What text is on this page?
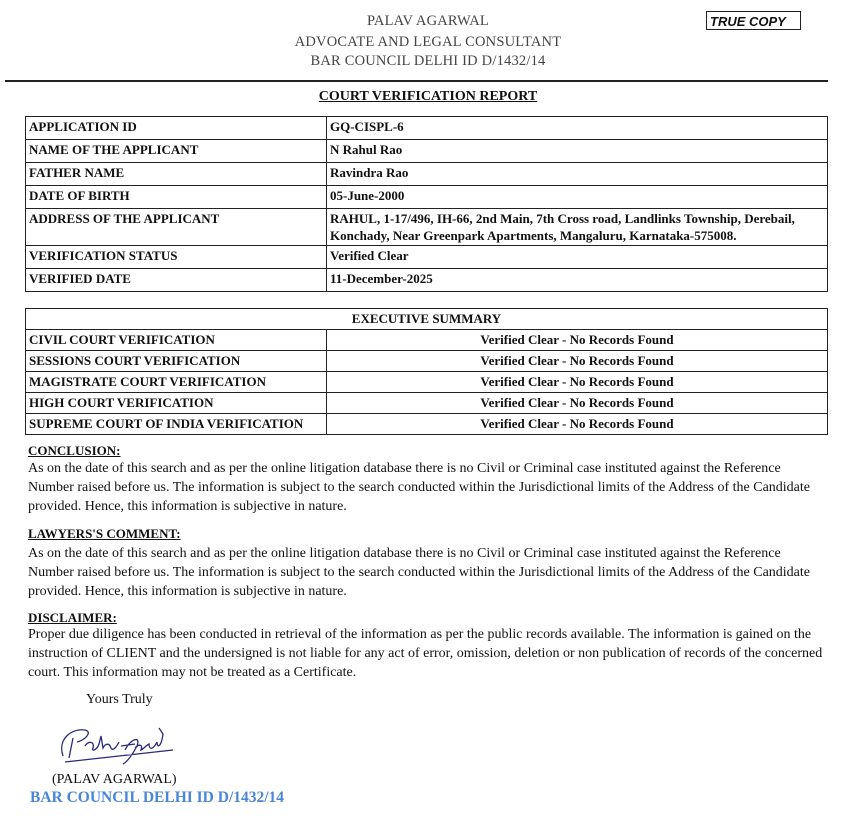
PALAV AGARWAL
ADVOCATE AND LEGAL CONSULTANT
BAR COUNCIL DELHI ID D/1432/14
TRUE COPY
COURT VERIFICATION REPORT
APPLICATION ID	GQ-CISPL-6
NAME OF THE APPLICANT	N Rahul Rao
FATHER NAME	Ravindra Rao
DATE OF BIRTH	05-June-2000
ADDRESS OF THE APPLICANT	RAHUL, 1-17/496, IH-66, 2nd Main, 7th Cross road, Landlinks Township, Derebail, Konchady, Near Greenpark Apartments, Mangaluru, Karnataka-575008.
VERIFICATION STATUS	Verified Clear
VERIFIED DATE	11-December-2025
EXECUTIVE SUMMARY	
CIVIL COURT VERIFICATION	Verified Clear - No Records Found
SESSIONS COURT VERIFICATION	Verified Clear - No Records Found
MAGISTRATE COURT VERIFICATION	Verified Clear - No Records Found
HIGH COURT VERIFICATION	Verified Clear - No Records Found
SUPREME COURT OF INDIA VERIFICATION	Verified Clear - No Records Found
CONCLUSION:
As on the date of this search and as per the online litigation database there is no Civil or Criminal case instituted against the Reference Number raised before us. The information is subject to the search conducted within the Jurisdictional limits of the Address of the Candidate provided. Hence, this information is subjective in nature.
LAWYERS'S COMMENT:
As on the date of this search and as per the online litigation database there is no Civil or Criminal case instituted against the Reference Number raised before us. The information is subject to the search conducted within the Jurisdictional limits of the Address of the Candidate provided. Hence, this information is subjective in nature.
DISCLAIMER:
Proper due diligence has been conducted in retrieval of the information as per the public records available. The information is gained on the instruction of CLIENT and the undersigned is not liable for any act of error, omission, deletion or non publication of records of the concerned court. This information may not be treated as a Certificate.
Yours Truly
(PALAV AGARWAL)
BAR COUNCIL DELHI ID D/1432/14
